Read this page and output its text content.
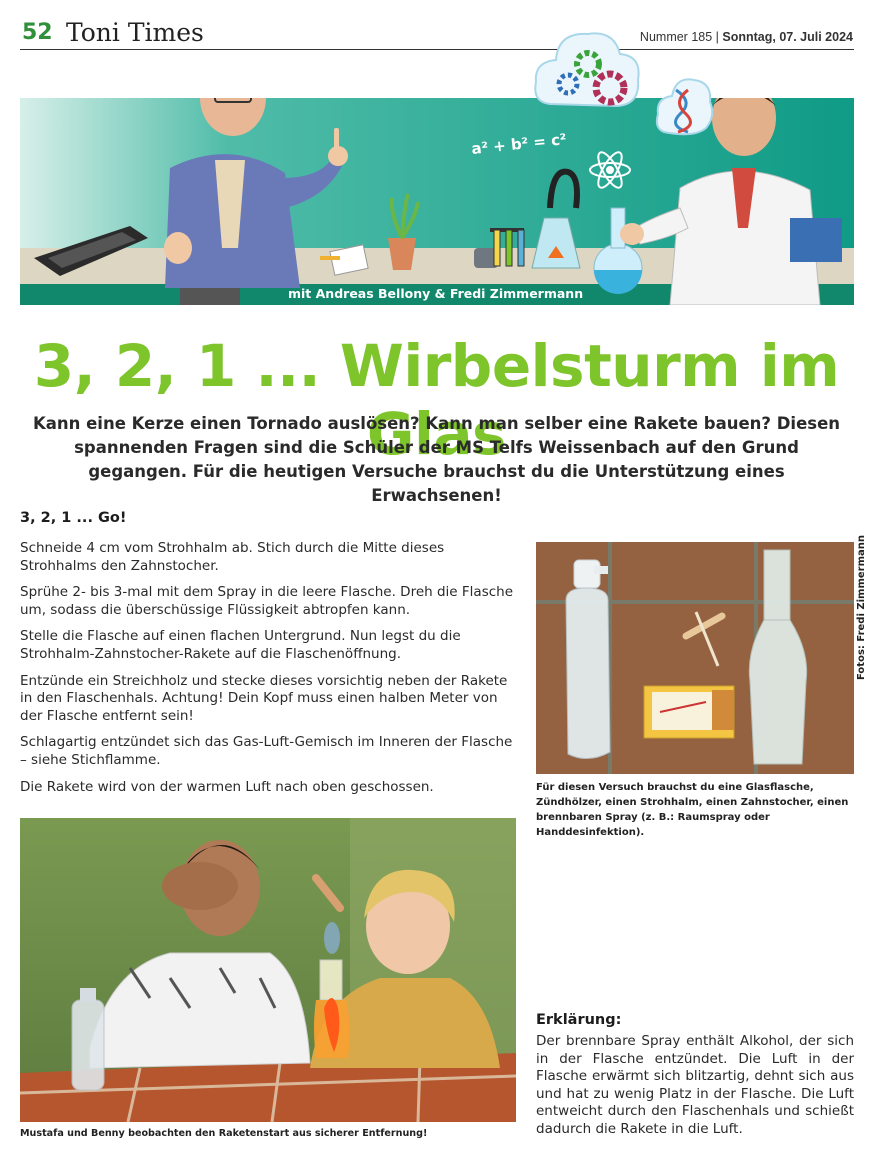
52 Toni Times	Nummer 185 | Sonntag, 07. Juli 2024
a² + b² = c²
mit Andreas Bellony & Fredi Zimmermann
3, 2, 1 ... Wirbelsturm im Glas
Kann eine Kerze einen Tornado auslösen? Kann man selber eine Rakete bauen? Diesen spannenden Fragen sind die Schüler der MS Telfs Weissenbach auf den Grund gegangen. Für die heutigen Versuche brauchst du die Unterstützung eines Erwachsenen!
3, 2, 1 ... Go!

Schneide 4 cm vom Strohhalm ab. Stich durch die Mitte dieses Strohhalms den Zahnstocher.

Sprühe 2- bis 3-mal mit dem Spray in die leere Flasche. Dreh die Flasche um, sodass die überschüssige Flüssigkeit abtropfen kann.

Stelle die Flasche auf einen flachen Untergrund. Nun legst du die Strohhalm-Zahnstocher-Rakete auf die Flaschenöffnung.

Entzünde ein Streichholz und stecke dieses vorsichtig neben der Rakete in den Flaschenhals. Achtung! Dein Kopf muss einen halben Meter von der Flasche entfernt sein!

Schlagartig entzündet sich das Gas-Luft-Gemisch im Inneren der Flasche – siehe Stichflamme.

Die Rakete wird von der warmen Luft nach oben geschossen.

Fotos: Fredi Zimmermann
Für diesen Versuch brauchst du eine Glasflasche, Zündhölzer, einen Strohhalm, einen Zahnstocher, einen brennbaren Spray (z. B.: Raumspray oder Handdesinfektion).
Mustafa und Benny beobachten den Raketenstart aus sicherer Entfernung!
Erklärung:
Der brennbare Spray enthält Alkohol, der sich in der Flasche entzündet. Die Luft in der Flasche erwärmt sich blitzartig, dehnt sich aus und hat zu wenig Platz in der Flasche. Die Luft entweicht durch den Flaschenhals und schießt dadurch die Rakete in die Luft.
